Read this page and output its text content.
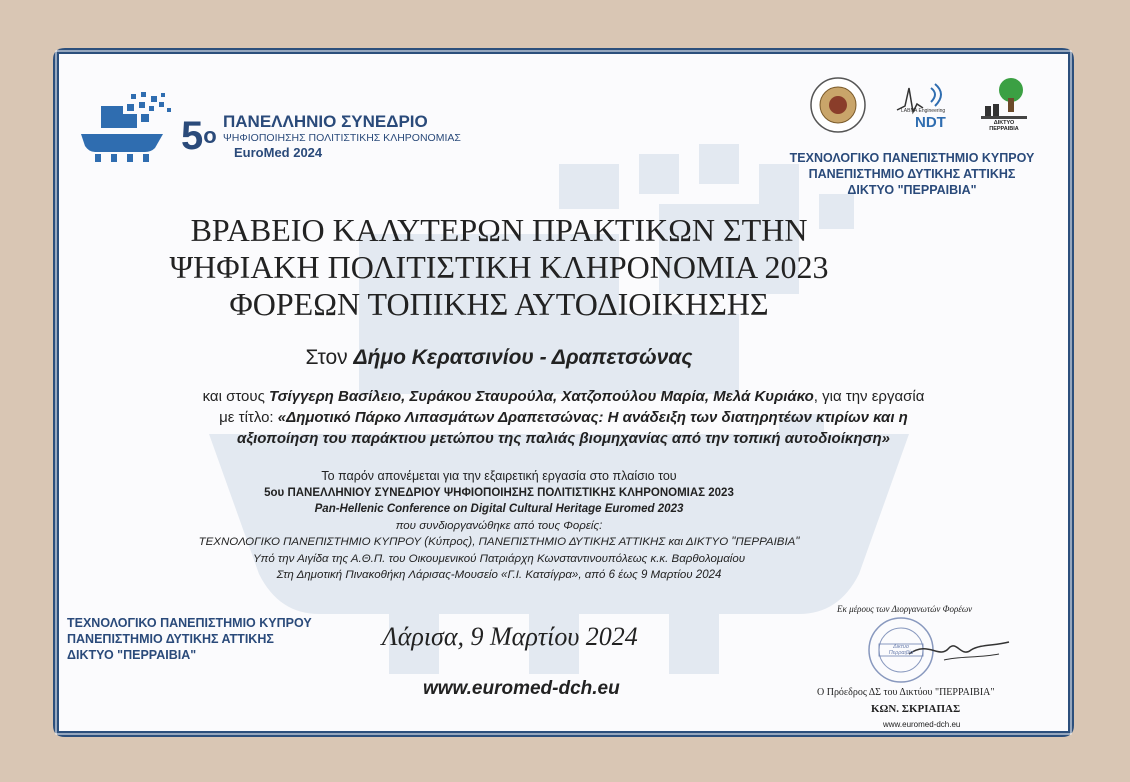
$5^o$
ΠΑΝΕΛΛΗΝΙΟ ΣΥΝΕΔΡΙΟ
ΨΗΦΙΟΠΟΙΗΣΗΣ ΠΟΛΙΤΙΣΤΙΚΗΣ ΚΛΗΡΟΝΟΜΙΑΣ
EuroMed 2024
LABNA Engineering
NDT	ΔΙΚΤΥΟ ΠΕΡΡΑΙΒΙΑ
ΤΕΧΝΟΛΟΓΙΚΟ ΠΑΝΕΠΙΣΤΗΜΙΟ ΚΥΠΡΟΥ
ΠΑΝΕΠΙΣΤΗΜΙΟ ΔΥΤΙΚΗΣ ΑΤΤΙΚΗΣ
ΔΙΚΤΥΟ "ΠΕΡΡΑΙΒΙΑ"
ΒΡΑΒΕΙΟ ΚΑΛΥΤΕΡΩΝ ΠΡΑΚΤΙΚΩΝ ΣΤΗΝ
ΨΗΦΙΑΚΗ ΠΟΛΙΤΙΣΤΙΚΗ ΚΛΗΡΟΝΟΜΙΑ 2023
ΦΟΡΕΩΝ ΤΟΠΙΚΗΣ ΑΥΤΟΔΙΟΙΚΗΣΗΣ
Στον Δήμο Κερατσινίου - Δραπετσώνας
και στους Τσίγγερη Βασίλειο, Συράκου Σταυρούλα, Χατζοπούλου Μαρία, Μελά Κυριάκο, για την εργασία
με τίτλο: «Δημοτικό Πάρκο Λιπασμάτων Δραπετσώνας: Η ανάδειξη των διατηρητέων κτιρίων και η
αξιοποίηση του παράκτιου μετώπου της παλιάς βιομηχανίας από την τοπική αυτοδιοίκηση»
Το παρόν απονέμεται για την εξαιρετική εργασία στο πλαίσιο του
5ου ΠΑΝΕΛΛΗΝΙΟΥ ΣΥΝΕΔΡΙΟΥ ΨΗΦΙΟΠΟΙΗΣΗΣ ΠΟΛΙΤΙΣΤΙΚΗΣ ΚΛΗΡΟΝΟΜΙΑΣ 2023
Pan-Hellenic Conference on Digital Cultural Heritage Euromed 2023
που συνδιοργανώθηκε από τους Φορείς:
ΤΕΧΝΟΛΟΓΙΚΟ ΠΑΝΕΠΙΣΤΗΜΙΟ ΚΥΠΡΟΥ (Κύπρος), ΠΑΝΕΠΙΣΤΗΜΙΟ ΔΥΤΙΚΗΣ ΑΤΤΙΚΗΣ και ΔΙΚΤΥΟ "ΠΕΡΡΑΙΒΙΑ"
Υπό την Αιγίδα της Α.Θ.Π. του Οικουμενικού Πατριάρχη Κωνσταντινουπόλεως κ.κ. Βαρθολομαίου
Στη Δημοτική Πινακοθήκη Λάρισας-Μουσείο «Γ.Ι. Κατσίγρα», από 6 έως 9 Μαρτίου 2024
ΤΕΧΝΟΛΟΓΙΚΟ ΠΑΝΕΠΙΣΤΗΜΙΟ ΚΥΠΡΟΥ
ΠΑΝΕΠΙΣΤΗΜΙΟ ΔΥΤΙΚΗΣ ΑΤΤΙΚΗΣ
ΔΙΚΤΥΟ "ΠΕΡΡΑΙΒΙΑ"
Λάρισα, 9 Μαρτίου 2024
www.euromed-dch.eu
Εκ μέρους των Διοργανωτών Φορέων
Δίκτυο Περραιβία
Ο Πρόεδρος ΔΣ του Δικτύου "ΠΕΡΡΑΙΒΙΑ"
ΚΩΝ. ΣΚΡΙΑΠΑΣ
www.euromed-dch.eu
